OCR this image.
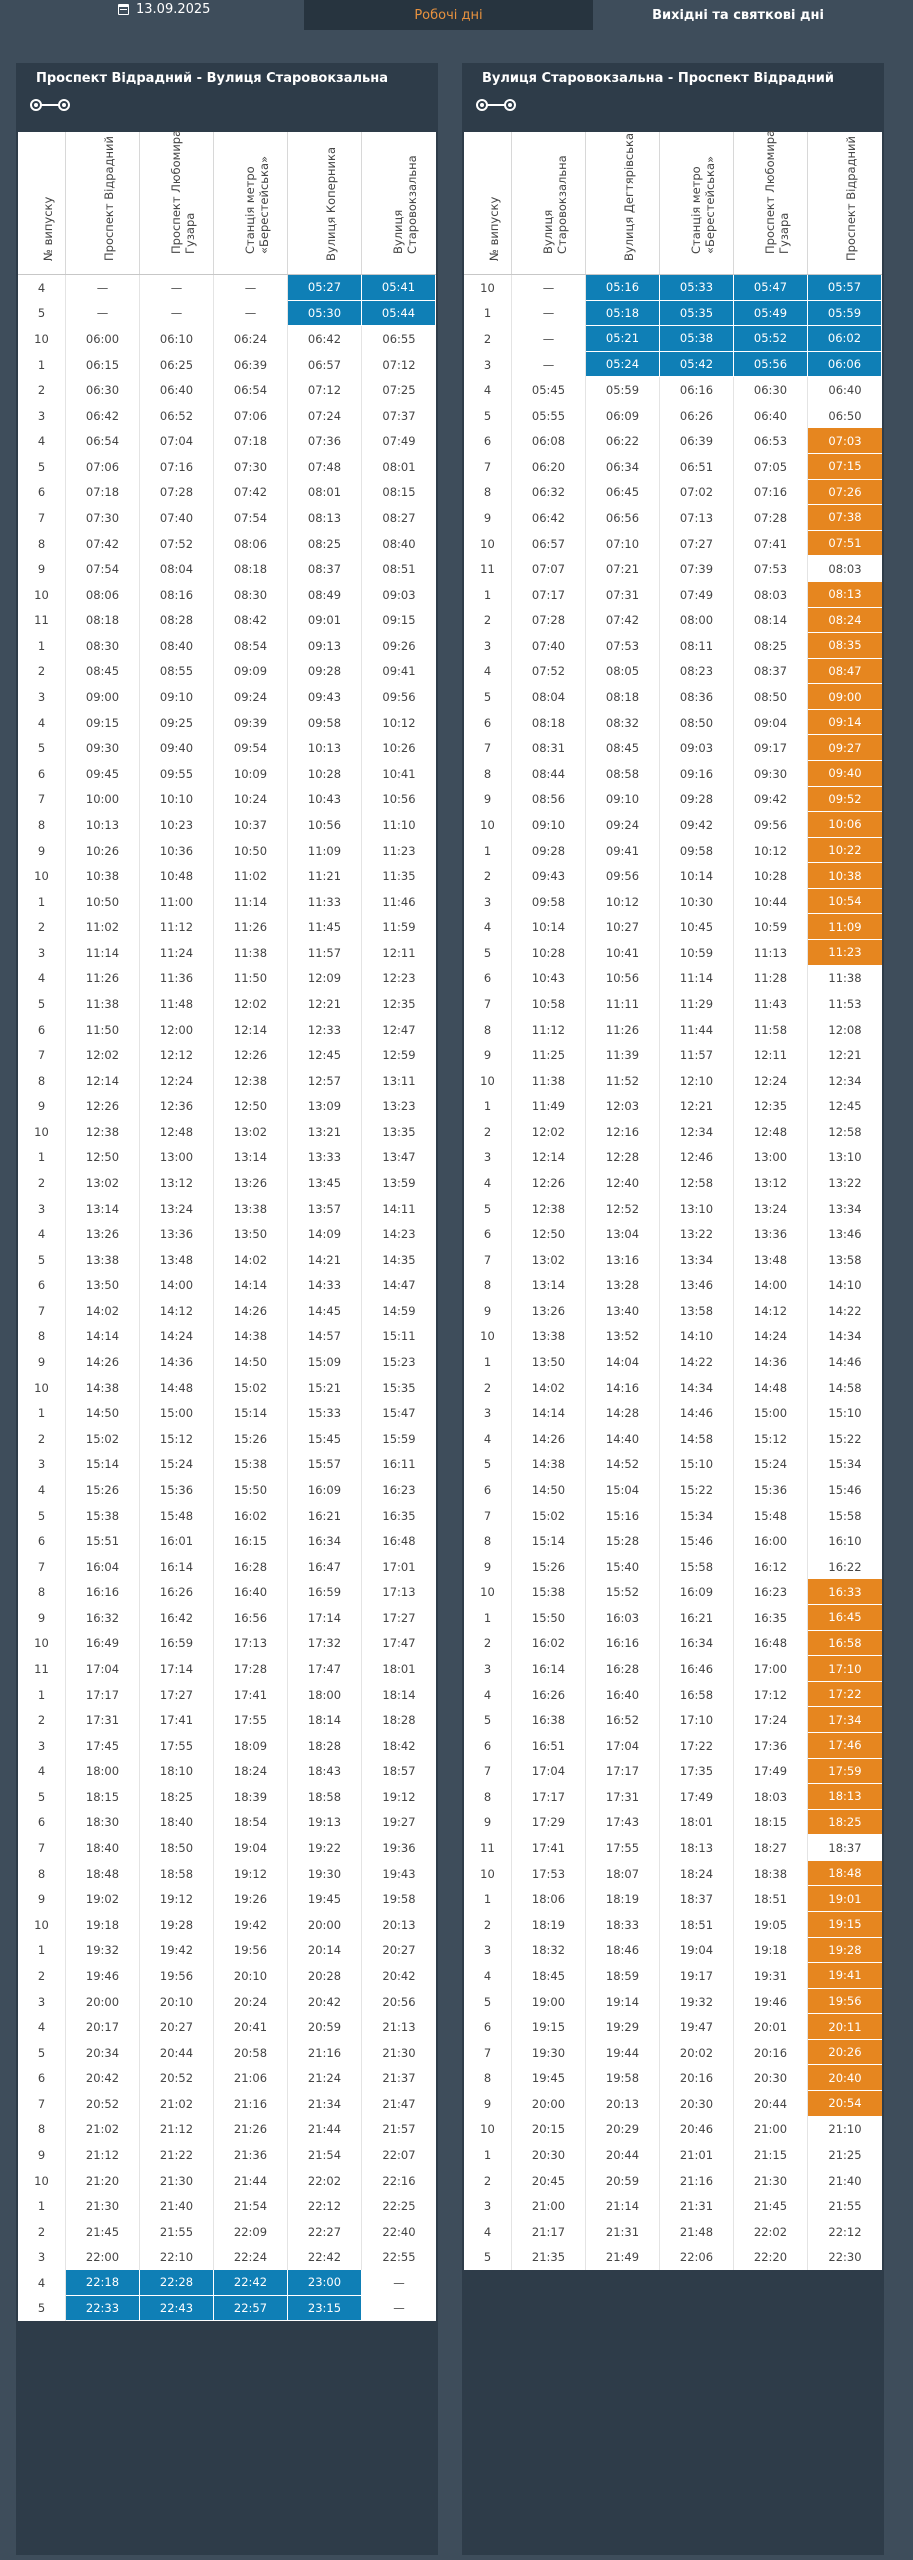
13.09.2025	Робочі дні	Вихідні та святкові дні
Проспект Відрадний - Вулиця Старовокзальна
№ випуску	Проспект Відрадний	Проспект Любомира Гузара	Станція метро «Берестейська»	Вулиця Коперника	Вулиця Старовокзальна
4	—	—	—	05:27	05:41
5	—	—	—	05:30	05:44
10	06:00	06:10	06:24	06:42	06:55
1	06:15	06:25	06:39	06:57	07:12
2	06:30	06:40	06:54	07:12	07:25
3	06:42	06:52	07:06	07:24	07:37
4	06:54	07:04	07:18	07:36	07:49
5	07:06	07:16	07:30	07:48	08:01
6	07:18	07:28	07:42	08:01	08:15
7	07:30	07:40	07:54	08:13	08:27
8	07:42	07:52	08:06	08:25	08:40
9	07:54	08:04	08:18	08:37	08:51
10	08:06	08:16	08:30	08:49	09:03
11	08:18	08:28	08:42	09:01	09:15
1	08:30	08:40	08:54	09:13	09:26
2	08:45	08:55	09:09	09:28	09:41
3	09:00	09:10	09:24	09:43	09:56
4	09:15	09:25	09:39	09:58	10:12
5	09:30	09:40	09:54	10:13	10:26
6	09:45	09:55	10:09	10:28	10:41
7	10:00	10:10	10:24	10:43	10:56
8	10:13	10:23	10:37	10:56	11:10
9	10:26	10:36	10:50	11:09	11:23
10	10:38	10:48	11:02	11:21	11:35
1	10:50	11:00	11:14	11:33	11:46
2	11:02	11:12	11:26	11:45	11:59
3	11:14	11:24	11:38	11:57	12:11
4	11:26	11:36	11:50	12:09	12:23
5	11:38	11:48	12:02	12:21	12:35
6	11:50	12:00	12:14	12:33	12:47
7	12:02	12:12	12:26	12:45	12:59
8	12:14	12:24	12:38	12:57	13:11
9	12:26	12:36	12:50	13:09	13:23
10	12:38	12:48	13:02	13:21	13:35
1	12:50	13:00	13:14	13:33	13:47
2	13:02	13:12	13:26	13:45	13:59
3	13:14	13:24	13:38	13:57	14:11
4	13:26	13:36	13:50	14:09	14:23
5	13:38	13:48	14:02	14:21	14:35
6	13:50	14:00	14:14	14:33	14:47
7	14:02	14:12	14:26	14:45	14:59
8	14:14	14:24	14:38	14:57	15:11
9	14:26	14:36	14:50	15:09	15:23
10	14:38	14:48	15:02	15:21	15:35
1	14:50	15:00	15:14	15:33	15:47
2	15:02	15:12	15:26	15:45	15:59
3	15:14	15:24	15:38	15:57	16:11
4	15:26	15:36	15:50	16:09	16:23
5	15:38	15:48	16:02	16:21	16:35
6	15:51	16:01	16:15	16:34	16:48
7	16:04	16:14	16:28	16:47	17:01
8	16:16	16:26	16:40	16:59	17:13
9	16:32	16:42	16:56	17:14	17:27
10	16:49	16:59	17:13	17:32	17:47
11	17:04	17:14	17:28	17:47	18:01
1	17:17	17:27	17:41	18:00	18:14
2	17:31	17:41	17:55	18:14	18:28
3	17:45	17:55	18:09	18:28	18:42
4	18:00	18:10	18:24	18:43	18:57
5	18:15	18:25	18:39	18:58	19:12
6	18:30	18:40	18:54	19:13	19:27
7	18:40	18:50	19:04	19:22	19:36
8	18:48	18:58	19:12	19:30	19:43
9	19:02	19:12	19:26	19:45	19:58
10	19:18	19:28	19:42	20:00	20:13
1	19:32	19:42	19:56	20:14	20:27
2	19:46	19:56	20:10	20:28	20:42
3	20:00	20:10	20:24	20:42	20:56
4	20:17	20:27	20:41	20:59	21:13
5	20:34	20:44	20:58	21:16	21:30
6	20:42	20:52	21:06	21:24	21:37
7	20:52	21:02	21:16	21:34	21:47
8	21:02	21:12	21:26	21:44	21:57
9	21:12	21:22	21:36	21:54	22:07
10	21:20	21:30	21:44	22:02	22:16
1	21:30	21:40	21:54	22:12	22:25
2	21:45	21:55	22:09	22:27	22:40
3	22:00	22:10	22:24	22:42	22:55
4	22:18	22:28	22:42	23:00	—
5	22:33	22:43	22:57	23:15	—
Вулиця Старовокзальна - Проспект Відрадний
№ випуску	Вулиця Старовокзальна	Вулиця Дегтярівська	Станція метро «Берестейська»	Проспект Любомира Гузара	Проспект Відрадний
10	—	05:16	05:33	05:47	05:57
1	—	05:18	05:35	05:49	05:59
2	—	05:21	05:38	05:52	06:02
3	—	05:24	05:42	05:56	06:06
4	05:45	05:59	06:16	06:30	06:40
5	05:55	06:09	06:26	06:40	06:50
6	06:08	06:22	06:39	06:53	07:03
7	06:20	06:34	06:51	07:05	07:15
8	06:32	06:45	07:02	07:16	07:26
9	06:42	06:56	07:13	07:28	07:38
10	06:57	07:10	07:27	07:41	07:51
11	07:07	07:21	07:39	07:53	08:03
1	07:17	07:31	07:49	08:03	08:13
2	07:28	07:42	08:00	08:14	08:24
3	07:40	07:53	08:11	08:25	08:35
4	07:52	08:05	08:23	08:37	08:47
5	08:04	08:18	08:36	08:50	09:00
6	08:18	08:32	08:50	09:04	09:14
7	08:31	08:45	09:03	09:17	09:27
8	08:44	08:58	09:16	09:30	09:40
9	08:56	09:10	09:28	09:42	09:52
10	09:10	09:24	09:42	09:56	10:06
1	09:28	09:41	09:58	10:12	10:22
2	09:43	09:56	10:14	10:28	10:38
3	09:58	10:12	10:30	10:44	10:54
4	10:14	10:27	10:45	10:59	11:09
5	10:28	10:41	10:59	11:13	11:23
6	10:43	10:56	11:14	11:28	11:38
7	10:58	11:11	11:29	11:43	11:53
8	11:12	11:26	11:44	11:58	12:08
9	11:25	11:39	11:57	12:11	12:21
10	11:38	11:52	12:10	12:24	12:34
1	11:49	12:03	12:21	12:35	12:45
2	12:02	12:16	12:34	12:48	12:58
3	12:14	12:28	12:46	13:00	13:10
4	12:26	12:40	12:58	13:12	13:22
5	12:38	12:52	13:10	13:24	13:34
6	12:50	13:04	13:22	13:36	13:46
7	13:02	13:16	13:34	13:48	13:58
8	13:14	13:28	13:46	14:00	14:10
9	13:26	13:40	13:58	14:12	14:22
10	13:38	13:52	14:10	14:24	14:34
1	13:50	14:04	14:22	14:36	14:46
2	14:02	14:16	14:34	14:48	14:58
3	14:14	14:28	14:46	15:00	15:10
4	14:26	14:40	14:58	15:12	15:22
5	14:38	14:52	15:10	15:24	15:34
6	14:50	15:04	15:22	15:36	15:46
7	15:02	15:16	15:34	15:48	15:58
8	15:14	15:28	15:46	16:00	16:10
9	15:26	15:40	15:58	16:12	16:22
10	15:38	15:52	16:09	16:23	16:33
1	15:50	16:03	16:21	16:35	16:45
2	16:02	16:16	16:34	16:48	16:58
3	16:14	16:28	16:46	17:00	17:10
4	16:26	16:40	16:58	17:12	17:22
5	16:38	16:52	17:10	17:24	17:34
6	16:51	17:04	17:22	17:36	17:46
7	17:04	17:17	17:35	17:49	17:59
8	17:17	17:31	17:49	18:03	18:13
9	17:29	17:43	18:01	18:15	18:25
11	17:41	17:55	18:13	18:27	18:37
10	17:53	18:07	18:24	18:38	18:48
1	18:06	18:19	18:37	18:51	19:01
2	18:19	18:33	18:51	19:05	19:15
3	18:32	18:46	19:04	19:18	19:28
4	18:45	18:59	19:17	19:31	19:41
5	19:00	19:14	19:32	19:46	19:56
6	19:15	19:29	19:47	20:01	20:11
7	19:30	19:44	20:02	20:16	20:26
8	19:45	19:58	20:16	20:30	20:40
9	20:00	20:13	20:30	20:44	20:54
10	20:15	20:29	20:46	21:00	21:10
1	20:30	20:44	21:01	21:15	21:25
2	20:45	20:59	21:16	21:30	21:40
3	21:00	21:14	21:31	21:45	21:55
4	21:17	21:31	21:48	22:02	22:12
5	21:35	21:49	22:06	22:20	22:30
